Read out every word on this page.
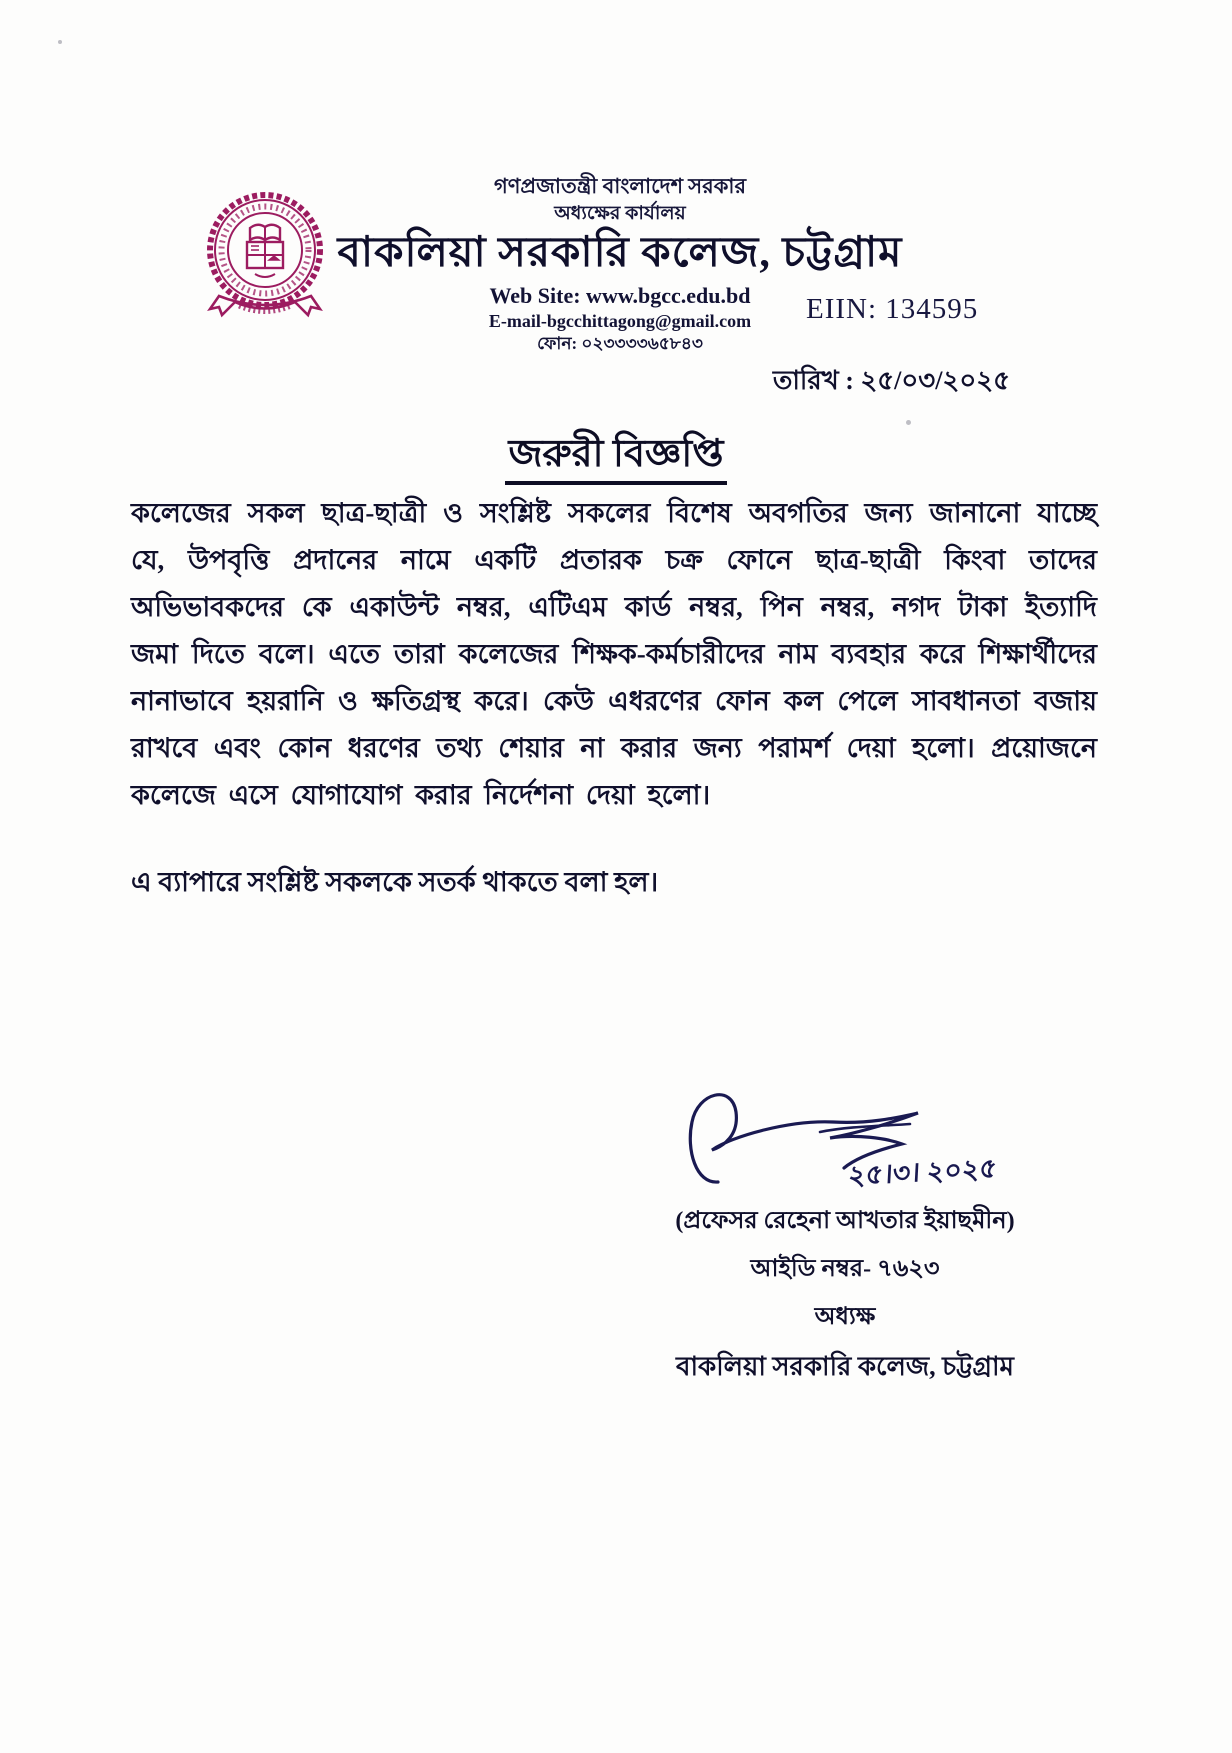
গণপ্রজাতন্ত্রী বাংলাদেশ সরকার
অধ্যক্ষের কার্যালয়
বাকলিয়া সরকারি কলেজ, চট্টগ্রাম
Web Site: www.bgcc.edu.bd
E-mail-bgcchittagong@gmail.com
ফোন: ০২৩৩৩৩৬৫৮৪৩
EIIN: 134595
তারিখ : ২৫/০৩/২০২৫
জরুরী বিজ্ঞপ্তি

কলেজের সকল ছাত্র-ছাত্রী ও সংশ্লিষ্ট সকলের বিশেষ অবগতির জন্য জানানো যাচ্ছে যে, উপবৃত্তি প্রদানের নামে একটি প্রতারক চক্র ফোনে ছাত্র-ছাত্রী কিংবা তাদের অভিভাবকদের কে একাউন্ট নম্বর, এটিএম কার্ড নম্বর, পিন নম্বর, নগদ টাকা ইত্যাদি জমা দিতে বলে। এতে তারা কলেজের শিক্ষক-কর্মচারীদের নাম ব্যবহার করে শিক্ষার্থীদের নানাভাবে হয়রানি ও ক্ষতিগ্রস্থ করে। কেউ এধরণের ফোন কল পেলে সাবধানতা বজায় রাখবে এবং কোন ধরণের তথ্য শেয়ার না করার জন্য পরামর্শ দেয়া হলো। প্রয়োজনে কলেজে এসে যোগাযোগ করার নির্দেশনা দেয়া হলো।

এ ব্যাপারে সংশ্লিষ্ট সকলকে সতর্ক থাকতে বলা হল।

২৫।৩। ২০২৫
(প্রফেসর রেহেনা আখতার ইয়াছমীন)
আইডি নম্বর- ৭৬২৩
অধ্যক্ষ
বাকলিয়া সরকারি কলেজ, চট্টগ্রাম
